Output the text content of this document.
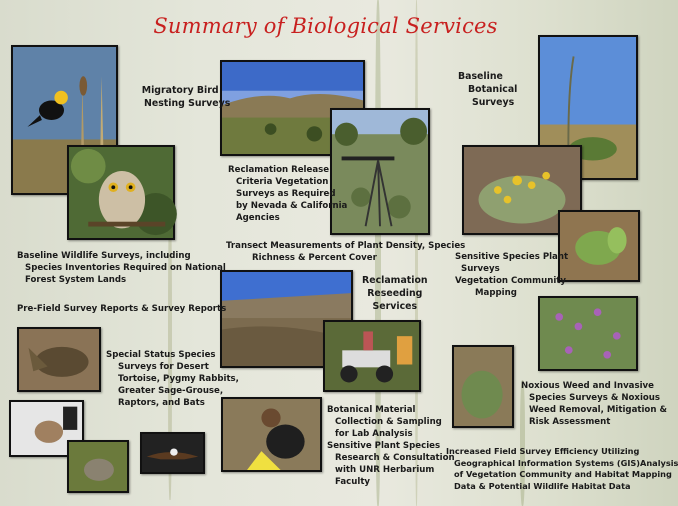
Summary of Biological Services
Migratory Bird
Nesting Surveys
Baseline
Botanical
Surveys
Reclamation Release
Criteria Vegetation
Surveys as Required
by Nevada & California
Agencies
Baseline Wildlife Surveys, including
Species Inventories Required on National
Forest System Lands
Transect Measurements of Plant Density, Species
Richness & Percent Cover	Sensitive Species Plant
Surveys
Vegetation Community
Mapping
Reclamation
Reseeding
Services
Pre-Field Survey Reports & Survey Reports
Special Status Species
Surveys for Desert
Tortoise, Pygmy Rabbits,
Greater Sage-Grouse,
Raptors, and Bats
Noxious Weed and Invasive
Species Surveys & Noxious
Weed Removal, Mitigation &
Risk Assessment
Botanical Material
Collection & Sampling
for Lab Analysis
Sensitive Plant Species
Research & Consultation
with UNR Herbarium
Faculty
Increased Field Survey Efficiency Utilizing
Geographical Information Systems (GIS)Analysis
of Vegetation Community and Habitat Mapping
Data & Potential Wildlife Habitat Data
